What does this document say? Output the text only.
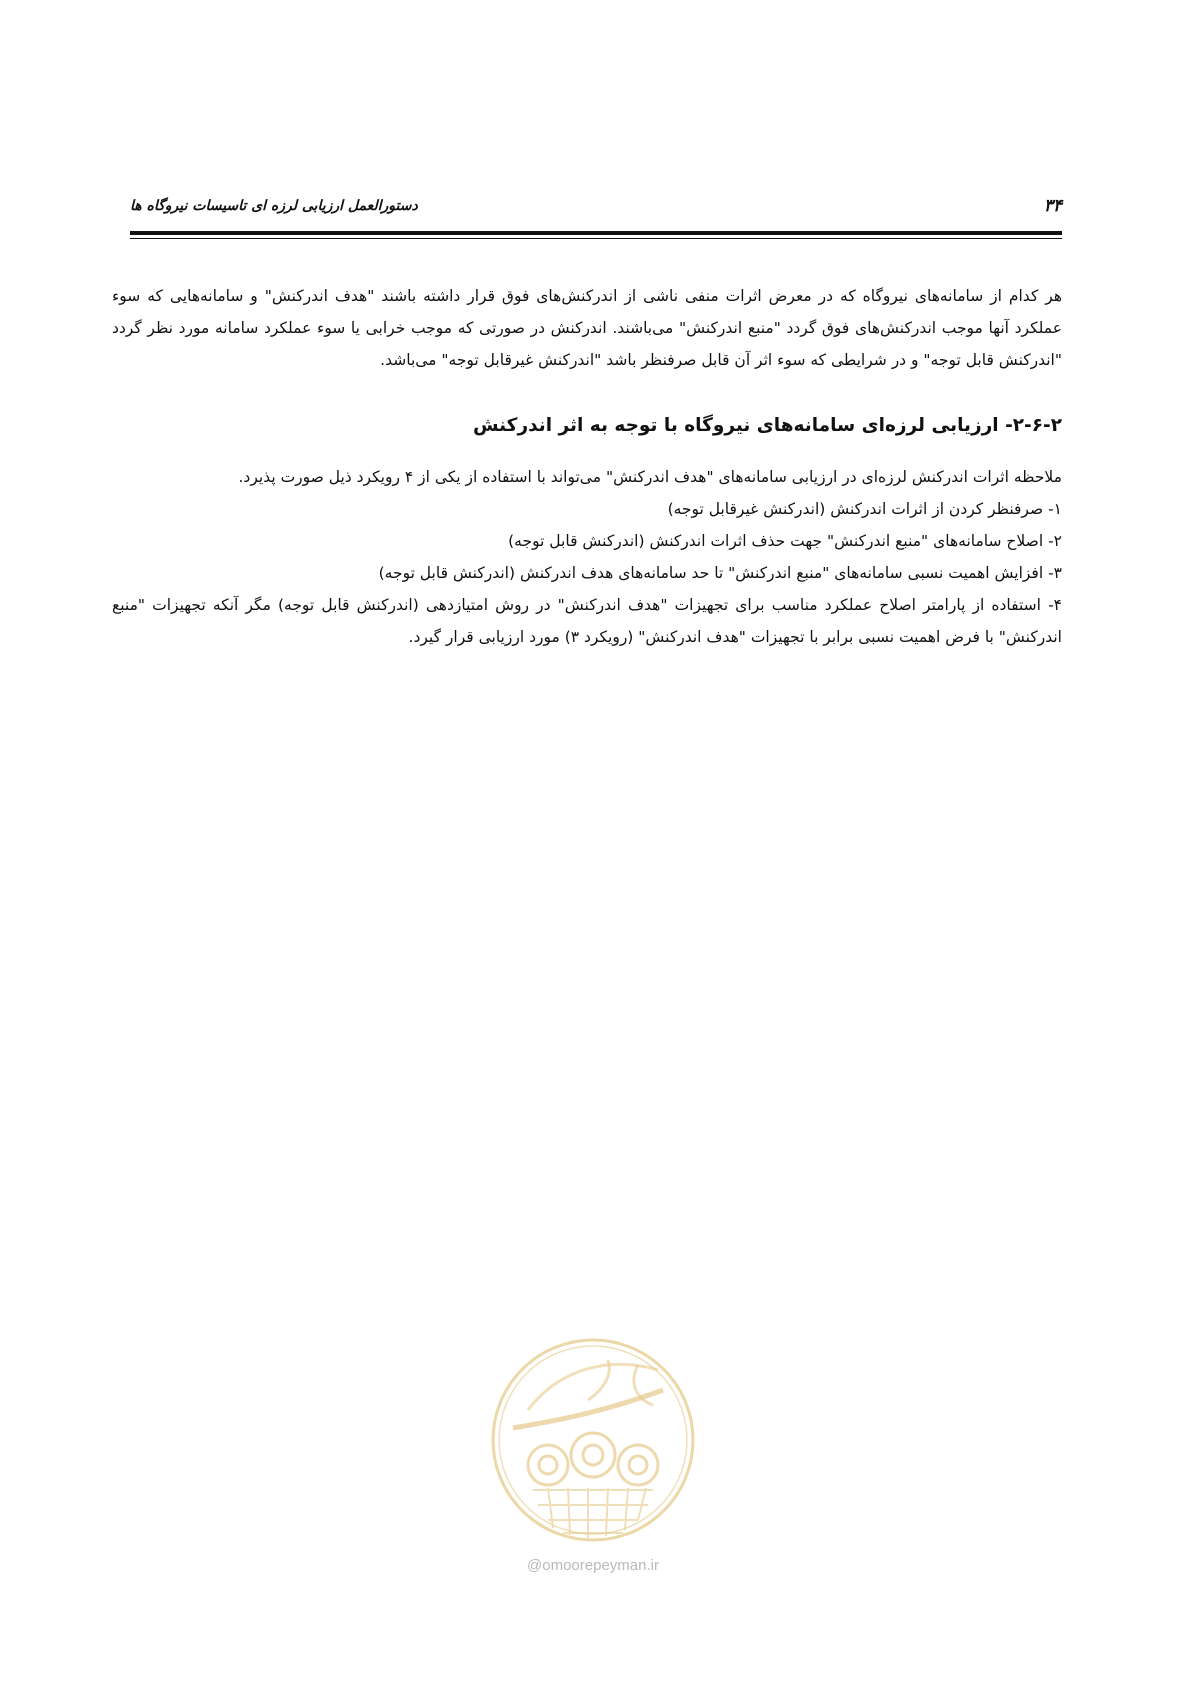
۳۴
دستورالعمل ارزیابی لرزه ای تاسیسات نیروگاه ها

هر کدام از سامانه‌های نیروگاه که در معرض اثرات منفی ناشی از اندرکنش‌های فوق قرار داشته باشند "هدف اندرکنش" و سامانه‌هایی که سوء عملکرد آنها موجب اندرکنش‌های فوق گردد "منبع اندرکنش" می‌باشند. اندرکنش در صورتی که موجب خرابی یا سوء عملکرد سامانه مورد نظر گردد "اندرکنش قابل توجه" و در شرایطی که سوء اثر آن قابل صرفنظر باشد "اندرکنش غیرقابل توجه" می‌باشد.

۲-۶-۲- ارزیابی لرزه‌ای سامانه‌های نیروگاه با توجه به اثر اندرکنش

ملاحظه اثرات اندرکنش لرزه‌ای در ارزیابی سامانه‌های "هدف اندرکنش" می‌تواند با استفاده از یکی از ۴ رویکرد ذیل صورت پذیرد.

۱- صرفنظر کردن از اثرات اندرکنش (اندرکنش غیرقابل توجه)
۲- اصلاح سامانه‌های "منبع اندرکنش" جهت حذف اثرات اندرکنش (اندرکنش قابل توجه)
۳- افزایش اهمیت نسبی سامانه‌های "منبع اندرکنش" تا حد سامانه‌های هدف اندرکنش (اندرکنش قابل توجه)
۴- استفاده از پارامتر اصلاح عملکرد مناسب برای تجهیزات "هدف اندرکنش" در روش امتیازدهی (اندرکنش قابل توجه) مگر آنکه تجهیزات "منبع اندرکنش" با فرض اهمیت نسبی برابر با تجهیزات "هدف اندرکنش" (رویکرد ۳) مورد ارزیابی قرار گیرد.
@omoorepeyman.ir
